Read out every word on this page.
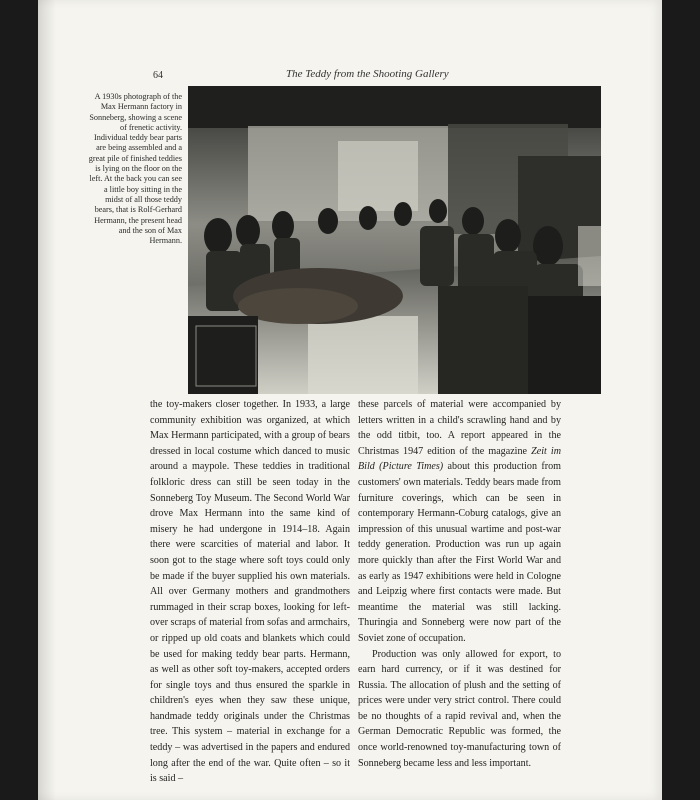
64	The Teddy from the Shooting Gallery
A 1930s photograph of the Max Hermann factory in Sonneberg, showing a scene of frenetic activity. Individual teddy bear parts are being assembled and a great pile of finished teddies is lying on the floor on the left. At the back you can see a little boy sitting in the midst of all those teddy bears, that is Rolf-Gerhard Hermann, the present head and the son of Max Hermann.

the toy-makers closer together. In 1933, a large community exhibition was organized, at which Max Hermann participated, with a group of bears dressed in local costume which danced to music around a maypole. These teddies in traditional folkloric dress can still be seen today in the Sonneberg Toy Museum. The Second World War drove Max Hermann into the same kind of misery he had undergone in 1914–18. Again there were scarcities of material and labor. It soon got to the stage where soft toys could only be made if the buyer supplied his own materials. All over Germany mothers and grandmothers rummaged in their scrap boxes, looking for left-over scraps of material from sofas and armchairs, or ripped up old coats and blankets which could be used for making teddy bear parts. Hermann, as well as other soft toy-makers, accepted orders for single toys and thus ensured the sparkle in children's eyes when they saw these unique, handmade teddy originals under the Christmas tree. This system – material in exchange for a teddy – was advertised in the papers and endured long after the end of the war. Quite often – so it is said –

these parcels of material were accompanied by letters written in a child's scrawling hand and by the odd titbit, too. A report appeared in the Christmas 1947 edition of the magazine Zeit im Bild (Picture Times) about this production from customers' own materials. Teddy bears made from furniture coverings, which can be seen in contemporary Hermann-Coburg catalogs, give an impression of this unusual wartime and post-war teddy generation. Production was run up again more quickly than after the First World War and as early as 1947 exhibitions were held in Cologne and Leipzig where first contacts were made. But meantime the material was still lacking. Thuringia and Sonneberg were now part of the Soviet zone of occupation.

Production was only allowed for export, to earn hard currency, or if it was destined for Russia. The allocation of plush and the setting of prices were under very strict control. There could be no thoughts of a rapid revival and, when the German Democratic Republic was formed, the once world-renowned toy-manufacturing town of Sonneberg became less and less important.
